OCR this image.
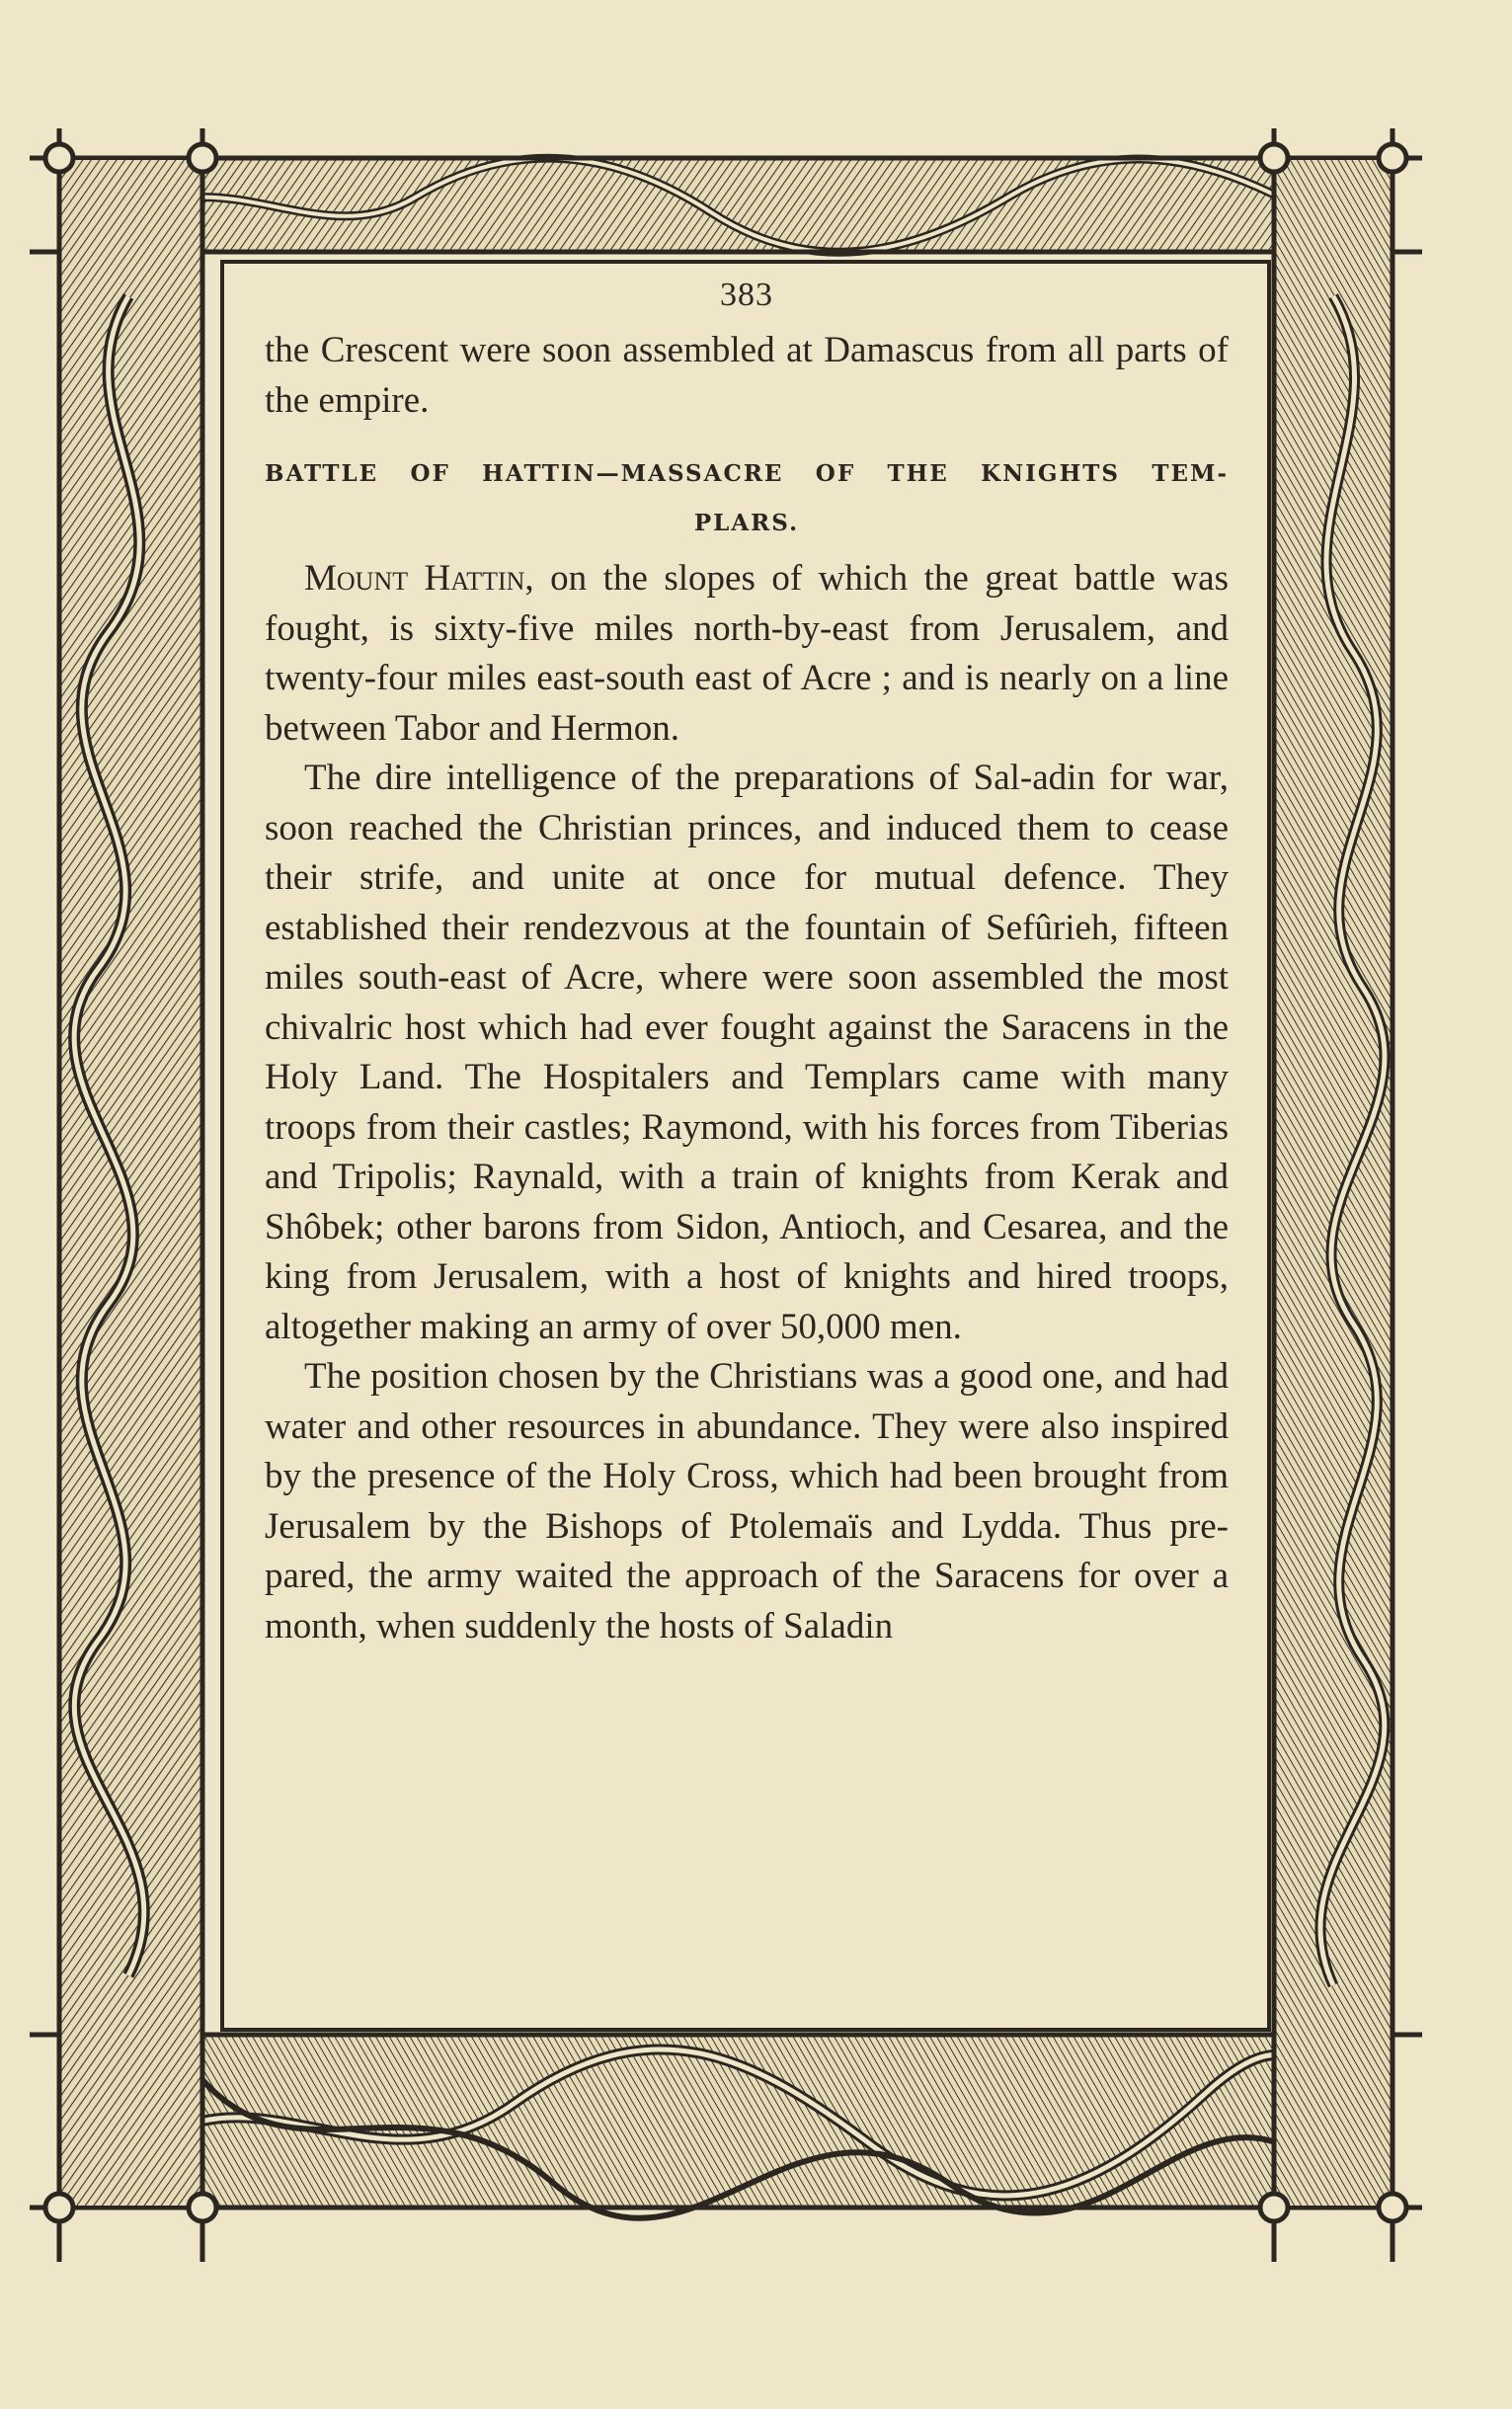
383

the Crescent were soon assembled at Damascus from all parts of the empire.

BATTLE OF HATTIN—MASSACRE OF THE KNIGHTS TEM-
PLARS.

Mount Hattin, on the slopes of which the great battle was fought, is sixty-five miles north-by-east from Jerusalem, and twenty-four miles east-south east of Acre ; and is nearly on a line between Tabor and Hermon.

The dire intelligence of the preparations of Sal-adin for war, soon reached the Christian princes, and induced them to cease their strife, and unite at once for mutual defence. They established their rendezvous at the fountain of Sefûrieh, fifteen miles south-east of Acre, where were soon assembled the most chivalric host which had ever fought against the Saracens in the Holy Land. The Hospitalers and Templars came with many troops from their castles; Raymond, with his forces from Tiberias and Tripolis; Raynald, with a train of knights from Kerak and Shôbek; other barons from Sidon, Antioch, and Cesarea, and the king from Jerusalem, with a host of knights and hired troops, altogether making an army of over 50,000 men.

The position chosen by the Christians was a good one, and had water and other resources in abundance. They were also inspired by the presence of the Holy Cross, which had been brought from Jerusalem by the Bishops of Ptolemaïs and Lydda. Thus pre-pared, the army waited the approach of the Saracens for over a month, when suddenly the hosts of Saladin
